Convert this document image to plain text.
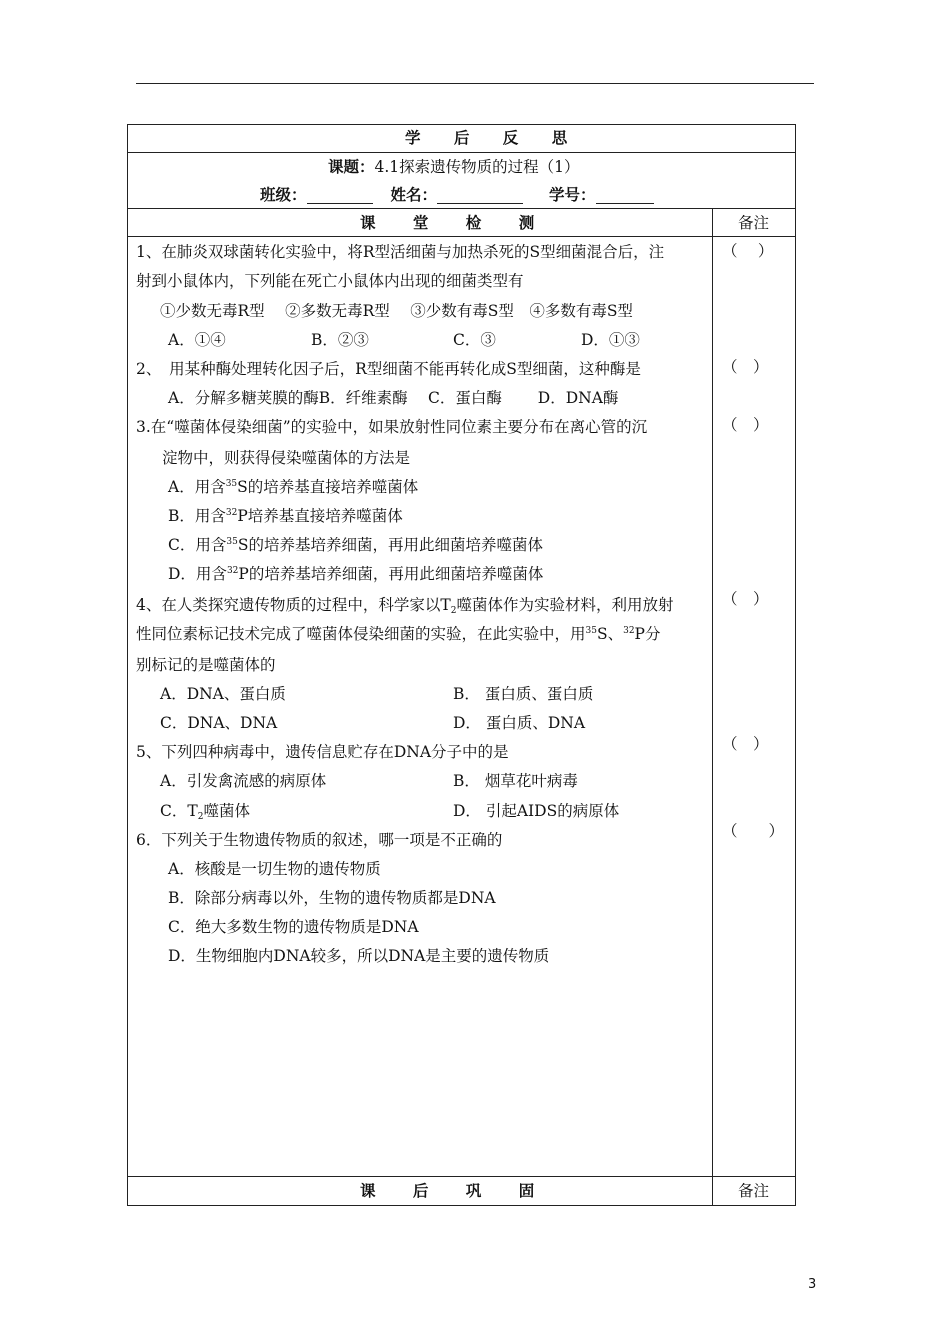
学 后 反 思
课题：4.1探索遗传物质的过程（1）
班级：	姓名：	学号：
课 堂 检 测	备注
1、在肺炎双球菌转化实验中，将R型活细菌与加热杀死的S型细菌混合后，注
射到小鼠体内，下列能在死亡小鼠体内出现的细菌类型有
①少数无毒R型　 ②多数无毒R型　 ③少数有毒S型　④多数有毒S型
A．①④	B．②③	C．③	D．①③
（　 ）
2、　用某种酶处理转化因子后，R型细菌不能再转化成S型细菌，这种酶是
A．分解多糖荚膜的酶B．纤维素酶　 C．蛋白酶　　 D．DNA酶
（　）
3.在“噬菌体侵染细菌”的实验中，如果放射性同位素主要分布在离心管的沉
淀物中，则获得侵染噬菌体的方法是
A．用含$^{35}$S的培养基直接培养噬菌体
B．用含$^{32}$P培养基直接培养噬菌体
C．用含$^{35}$S的培养基培养细菌，再用此细菌培养噬菌体
D．用含$^{32}$P的培养基培养细菌，再用此细菌培养噬菌体
（　）
4、在人类探究遗传物质的过程中，科学家以$T_2$噬菌体作为实验材料，利用放射
性同位素标记技术完成了噬菌体侵染细菌的实验，在此实验中，用$^{35}$S、$^{32}$P分
别标记的是噬菌体的
A．DNA、蛋白质	B． 蛋白质、蛋白质
C．DNA、DNA	D． 蛋白质、DNA
（　）
5、下列四种病毒中，遗传信息贮存在DNA分子中的是
A．引发禽流感的病原体	B． 烟草花叶病毒
C．$T_2$噬菌体	D． 引起AIDS的病原体
（　）
6．下列关于生物遗传物质的叙述，哪一项是不正确的
A．核酸是一切生物的遗传物质
B．除部分病毒以外，生物的遗传物质都是DNA
C．绝大多数生物的遗传物质是DNA
D．生物细胞内DNA较多，所以DNA是主要的遗传物质
（　　）
课 后 巩 固	备注
3
